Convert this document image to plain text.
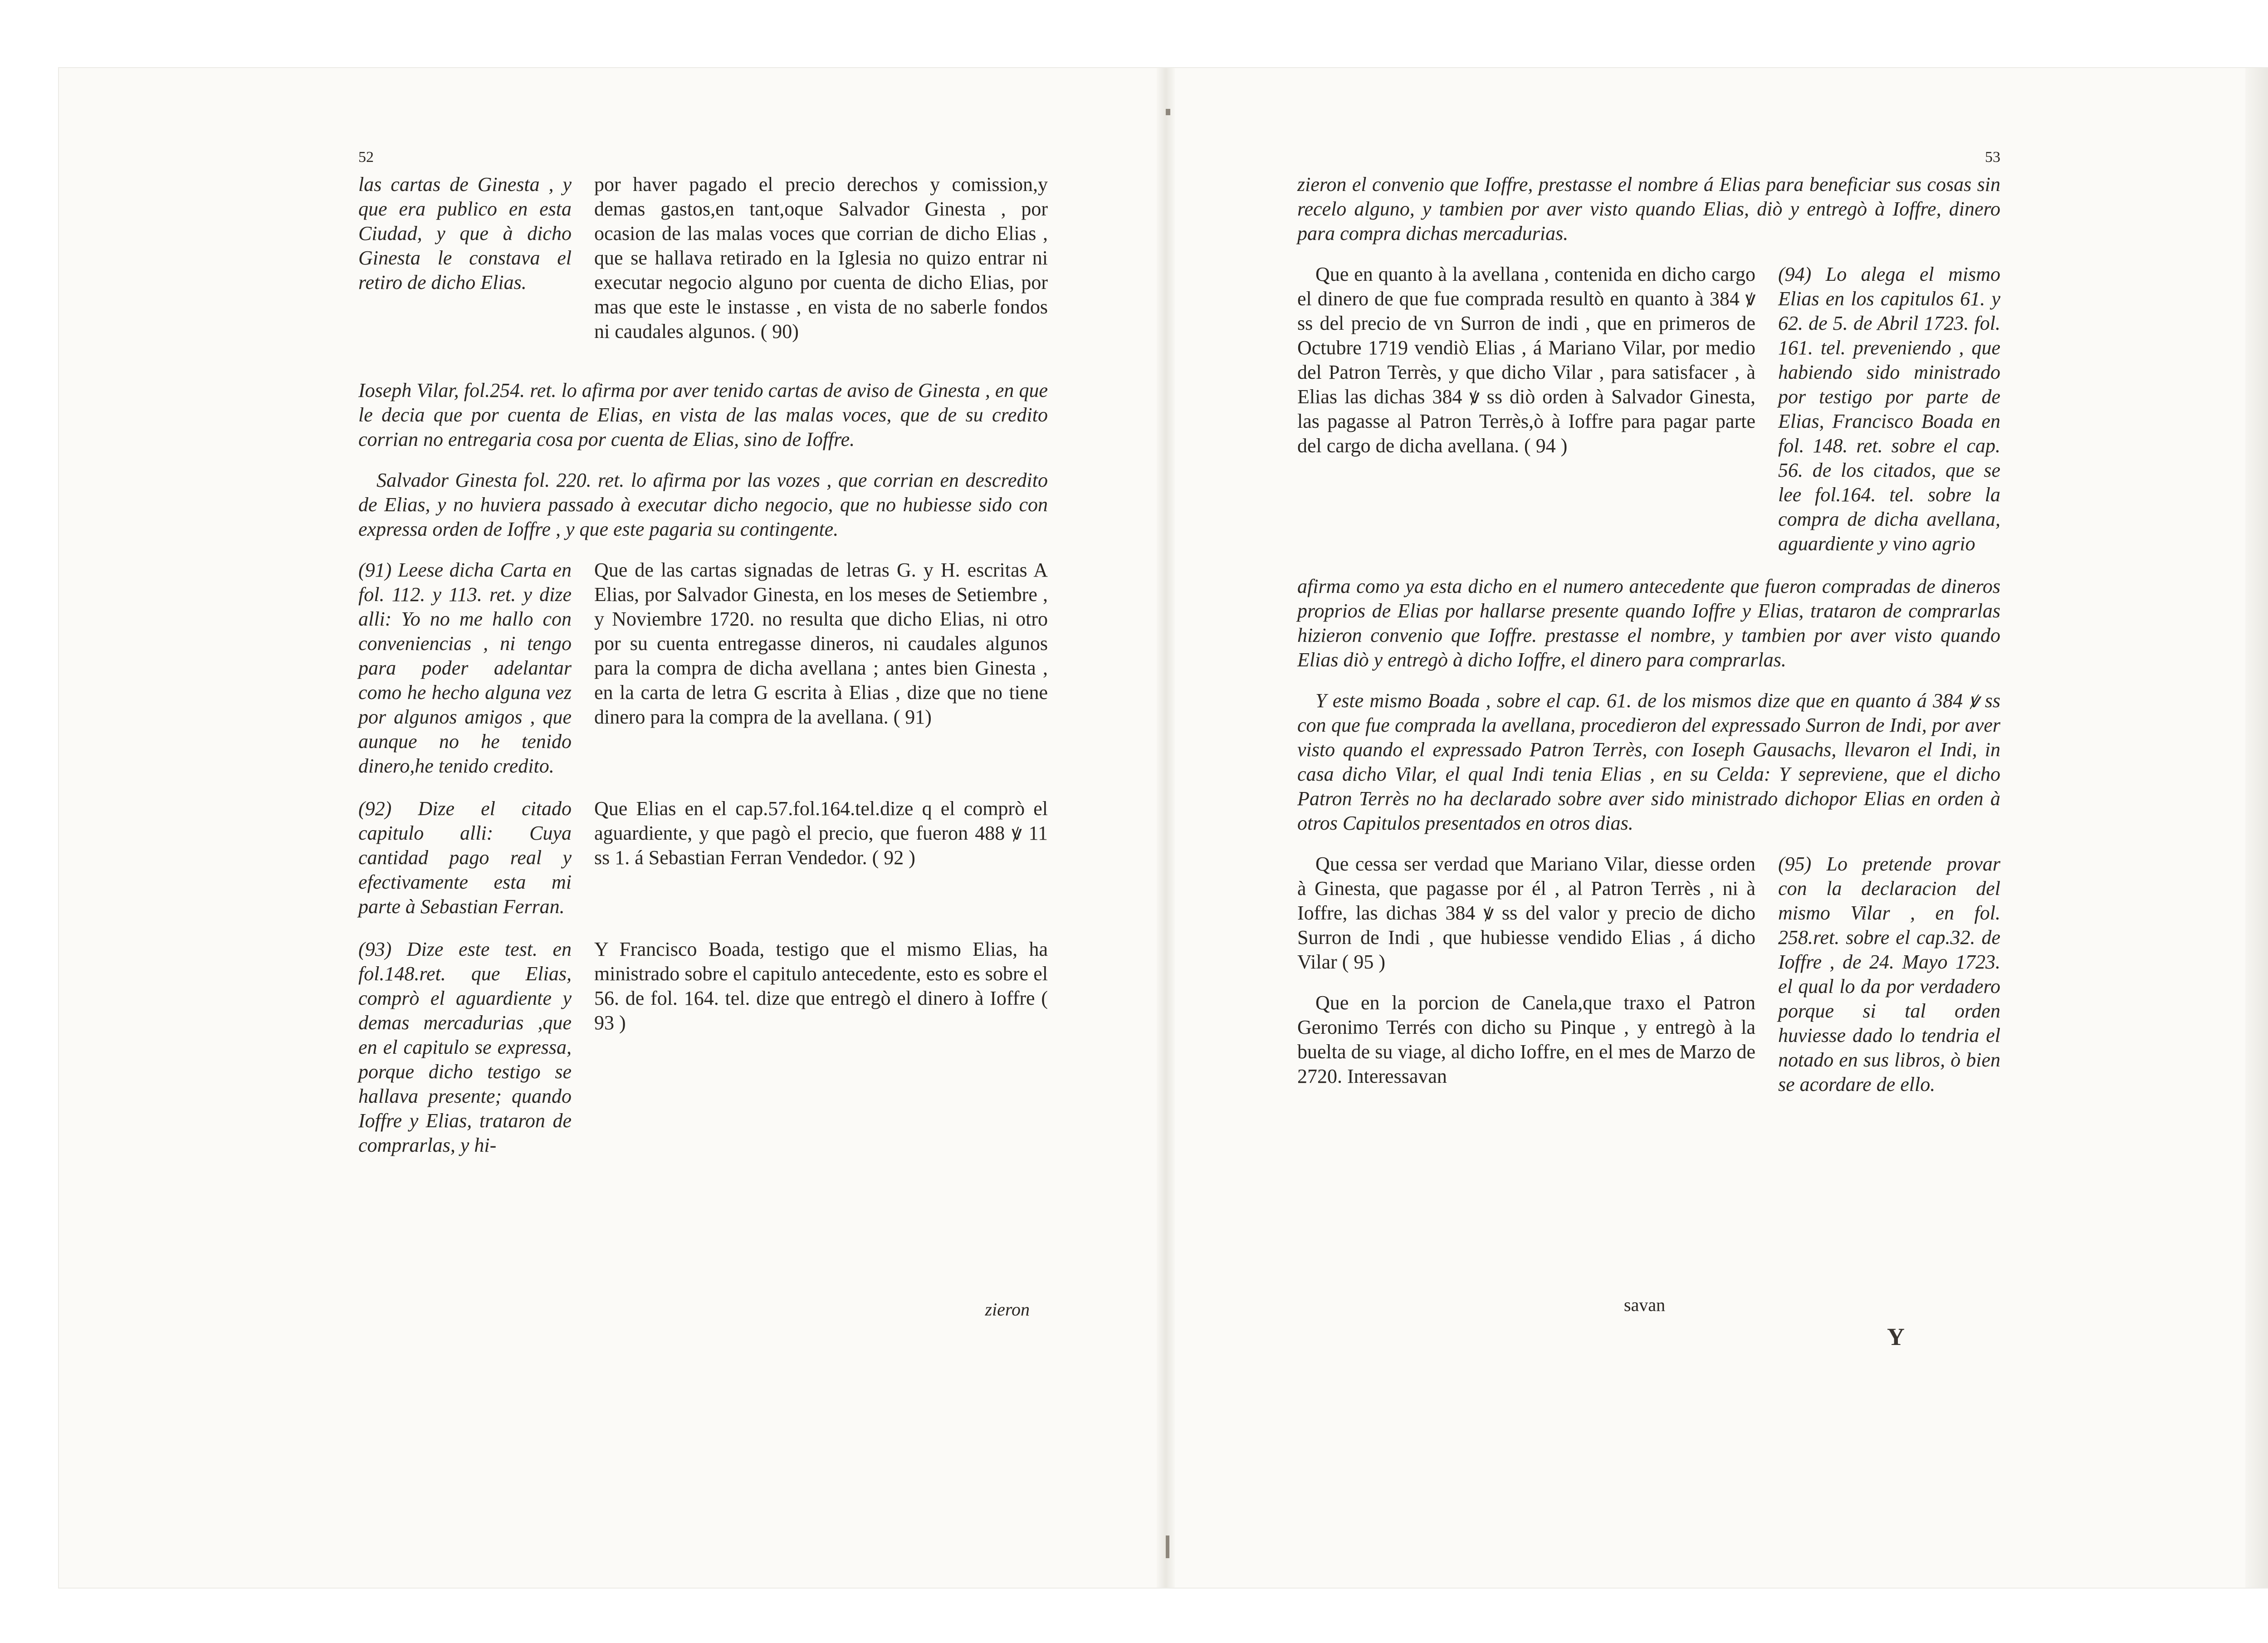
52

las cartas de Ginesta , y que era publico en esta Ciudad, y que à dicho Ginesta le constava el retiro de dicho Elias.

por haver pagado el precio derechos y comission,y demas gastos,en tant,oque Salvador Ginesta , por ocasion de las malas voces que corrian de dicho Elias , que se hallava retirado en la Iglesia no quizo entrar ni executar negocio alguno por cuenta de dicho Elias, por mas que este le instasse , en vista de no saberle fondos ni caudales algunos. ( 90)

Ioseph Vilar, fol.254. ret. lo afirma por aver tenido cartas de aviso de Ginesta , en que le decia que por cuenta de Elias, en vista de las malas voces, que de su credito corrian no entregaria cosa por cuenta de Elias, sino de Ioffre.

Salvador Ginesta fol. 220. ret. lo afirma por las vozes , que corrian en descredito de Elias, y no huviera passado à executar dicho negocio, que no hubiesse sido con expressa orden de Ioffre , y que este pagaria su contingente.

(91) Leese dicha Carta en fol. 112. y 113. ret. y dize alli: Yo no me hallo con conveniencias , ni tengo para poder adelantar como he hecho alguna vez por algunos amigos , que aunque no he tenido dinero,he tenido credito.

Que de las cartas signadas de letras G. y H. escritas A Elias, por Salvador Ginesta, en los meses de Setiembre , y Noviembre 1720. no resulta que dicho Elias, ni otro por su cuenta entregasse dineros, ni caudales algunos para la compra de dicha avellana ; antes bien Ginesta , en la carta de letra G escrita à Elias , dize que no tiene dinero para la compra de la avellana. ( 91)

(92) Dize el citado capitulo alli: Cuya cantidad pago real y efectivamente esta mi parte à Sebastian Ferran.

Que Elias en el cap.57.fol.164.tel.dize q el comprò el aguardiente, y que pagò el precio, que fueron 488 ꝟ 11 ss 1. á Sebastian Ferran Vendedor. ( 92 )

(93) Dize este test. en fol.148.ret. que Elias, comprò el aguardiente y demas mercadurias ,que en el capitulo se expressa, porque dicho testigo se hallava presente; quando Ioffre y Elias, trataron de comprarlas, y hi-

Y Francisco Boada, testigo que el mismo Elias, ha ministrado sobre el capitulo antecedente, esto es sobre el 56. de fol. 164. tel. dize que entregò el dinero à Ioffre ( 93 )

zieron
53

zieron el convenio que Ioffre, prestasse el nombre á Elias para beneficiar sus cosas sin recelo alguno, y tambien por aver visto quando Elias, diò y entregò à Ioffre, dinero para compra dichas mercadurias.

Que en quanto à la avellana , contenida en dicho cargo el dinero de que fue comprada resultò en quanto à 384 ꝟ ss del precio de vn Surron de indi , que en primeros de Octubre 1719 vendiò Elias , á Mariano Vilar, por medio del Patron Terrès, y que dicho Vilar , para satisfacer , à Elias las dichas 384 ꝟ ss diò orden à Salvador Ginesta, las pagasse al Patron Terrès,ò à Ioffre para pagar parte del cargo de dicha avellana. ( 94 )

(94) Lo alega el mismo Elias en los capitulos 61. y 62. de 5. de Abril 1723. fol. 161. tel. preveniendo , que habiendo sido ministrado por testigo por parte de Elias, Francisco Boada en fol. 148. ret. sobre el cap. 56. de los citados, que se lee fol.164. tel. sobre la compra de dicha avellana, aguardiente y vino agrio

afirma como ya esta dicho en el numero antecedente que fueron compradas de dineros proprios de Elias por hallarse presente quando Ioffre y Elias, trataron de comprarlas hizieron convenio que Ioffre. prestasse el nombre, y tambien por aver visto quando Elias diò y entregò à dicho Ioffre, el dinero para comprarlas.

Y este mismo Boada , sobre el cap. 61. de los mismos dize que en quanto á 384 ꝟ ss con que fue comprada la avellana, procedieron del expressado Surron de Indi, por aver visto quando el expressado Patron Terrès, con Ioseph Gausachs, llevaron el Indi, in casa dicho Vilar, el qual Indi tenia Elias , en su Celda: Y sepreviene, que el dicho Patron Terrès no ha declarado sobre aver sido ministrado dichopor Elias en orden à otros Capitulos presentados en otros dias.

Que cessa ser verdad que Mariano Vilar, diesse orden à Ginesta, que pagasse por él , al Patron Terrès , ni à Ioffre, las dichas 384 ꝟ ss del valor y precio de dicho Surron de Indi , que hubiesse vendido Elias , á dicho Vilar ( 95 )

Que en la porcion de Canela,que traxo el Patron Geronimo Terrés con dicho su Pinque , y entregò à la buelta de su viage, al dicho Ioffre, en el mes de Marzo de 2720. Interessavan

(95) Lo pretende provar con la declaracion del mismo Vilar , en fol. 258.ret. sobre el cap.32. de Ioffre , de 24. Mayo 1723. el qual lo da por verdadero porque si tal orden huviesse dado lo tendria el notado en sus libros, ò bien se acordare de ello.

savan
Y
